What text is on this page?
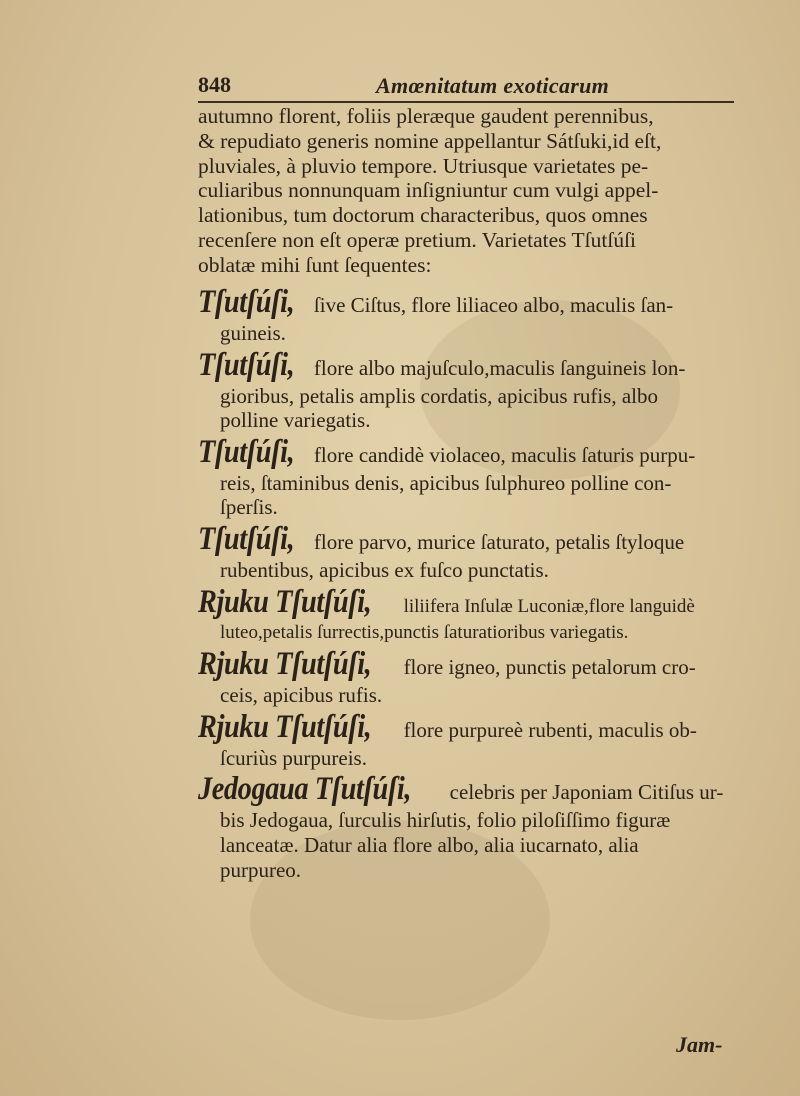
848	Amœnitatum exoticarum
autumno florent, foliis pleræque gaudent perennibus,
& repudiato generis nomine appellantur Sátſuki,id eſt,
pluviales, à pluvio tempore. Utriusque varietates pe-
culiaribus nonnunquam inſigniuntur cum vulgi appel-
lationibus, tum doctorum characteribus, quos omnes
recenſere non eſt operæ pretium. Varietates Tſutſúſi
oblatæ mihi ſunt ſequentes:
Tſutſúſi, ſive Ciſtus, flore liliaceo albo, maculis ſan-
guineis.
Tſutſúſi, flore albo majuſculo,maculis ſanguineis lon-
gioribus, petalis amplis cordatis, apicibus rufis, albo
polline variegatis.
Tſutſúſi, flore candidè violaceo, maculis ſaturis purpu-
reis, ſtaminibus denis, apicibus ſulphureo polline con-
ſperſis.
Tſutſúſi, flore parvo, murice ſaturato, petalis ſtyloque
rubentibus, apicibus ex fuſco punctatis.
Rjuku Tſutſúſi, liliifera Inſulæ Luconiæ,flore languidè
luteo,petalis ſurrectis,punctis ſaturatioribus variegatis.
Rjuku Tſutſúſi, flore igneo, punctis petalorum cro-
ceis, apicibus rufis.
Rjuku Tſutſúſi, flore purpureè rubenti, maculis ob-
ſcuriùs purpureis.
Jedogaua Tſutſúſi, celebris per Japoniam Citiſus ur-
bis Jedogaua, ſurculis hirſutis, folio piloſiſſimo figuræ
lanceatæ. Datur alia flore albo, alia iucarnato, alia
purpureo.
Jam-
